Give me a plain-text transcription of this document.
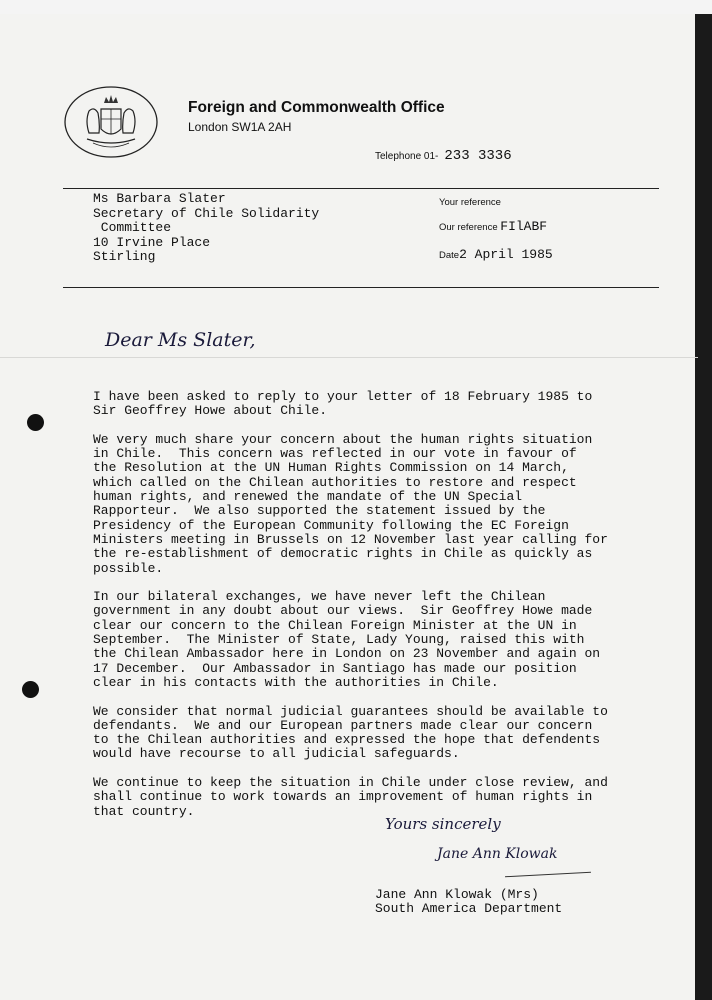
Foreign and Commonwealth Office
London SW1A 2AH
Telephone 01- 233 3336
Ms Barbara Slater
Secretary of Chile Solidarity
Committee
10 Irvine Place
Stirling
Your reference
Our reference FIlABF
Date2 April 1985
Dear Ms Slater,

I have been asked to reply to your letter of 18 February 1985 to
Sir Geoffrey Howe about Chile.

We very much share your concern about the human rights situation
in Chile.  This concern was reflected in our vote in favour of
the Resolution at the UN Human Rights Commission on 14 March,
which called on the Chilean authorities to restore and respect
human rights, and renewed the mandate of the UN Special
Rapporteur.  We also supported the statement issued by the
Presidency of the European Community following the EC Foreign
Ministers meeting in Brussels on 12 November last year calling for
the re-establishment of democratic rights in Chile as quickly as
possible.

In our bilateral exchanges, we have never left the Chilean
government in any doubt about our views.  Sir Geoffrey Howe made
clear our concern to the Chilean Foreign Minister at the UN in
September.  The Minister of State, Lady Young, raised this with
the Chilean Ambassador here in London on 23 November and again on
17 December.  Our Ambassador in Santiago has made our position
clear in his contacts with the authorities in Chile.

We consider that normal judicial guarantees should be available to
defendants.  We and our European partners made clear our concern
to the Chilean authorities and expressed the hope that defendents
would have recourse to all judicial safeguards.

We continue to keep the situation in Chile under close review, and
shall continue to work towards an improvement of human rights in
that country.

Yours sincerely
Jane Ann Klowak
Jane Ann Klowak (Mrs)
South America Department
